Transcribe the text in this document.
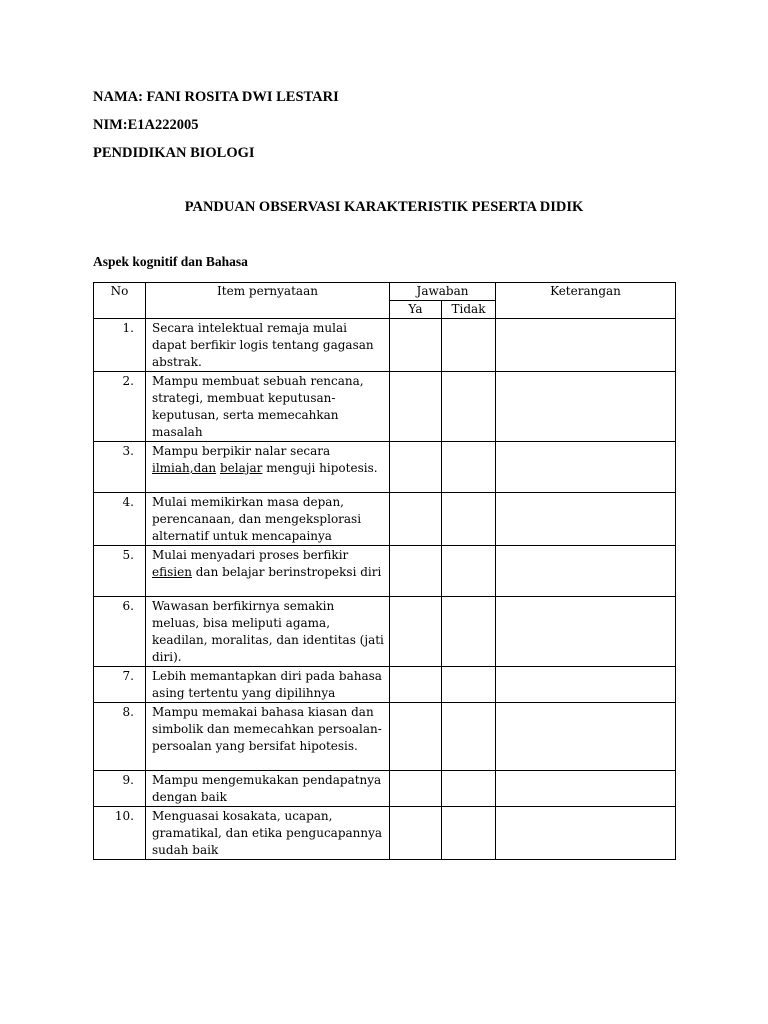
NAMA: FANI ROSITA DWI LESTARI
NIM:E1A222005
PENDIDIKAN BIOLOGI
PANDUAN OBSERVASI KARAKTERISTIK PESERTA DIDIK
Aspek kognitif dan Bahasa
No	Item pernyataan	Jawaban		Keterangan
		Ya	Tidak	
1.	Secara intelektual remaja mulai dapat berfikir logis tentang gagasan abstrak.			
2.	Mampu membuat sebuah rencana, strategi, membuat keputusan-keputusan, serta memecahkan masalah			
3.	Mampu berpikir nalar secara ilmiah,dan belajar menguji hipotesis.			
4.	Mulai memikirkan masa depan, perencanaan, dan mengeksplorasi alternatif untuk mencapainya			
5.	Mulai menyadari proses berfikir efisien dan belajar berinstropeksi diri			
6.	Wawasan berfikirnya semakin meluas, bisa meliputi agama, keadilan, moralitas, dan identitas (jati diri).			
7.	Lebih memantapkan diri pada bahasa asing tertentu yang dipilihnya			
8.	Mampu memakai bahasa kiasan dan simbolik dan memecahkan persoalan-persoalan yang bersifat hipotesis.			
9.	Mampu mengemukakan pendapatnya dengan baik			
10.	Menguasai kosakata, ucapan, gramatikal, dan etika pengucapannya sudah baik			
